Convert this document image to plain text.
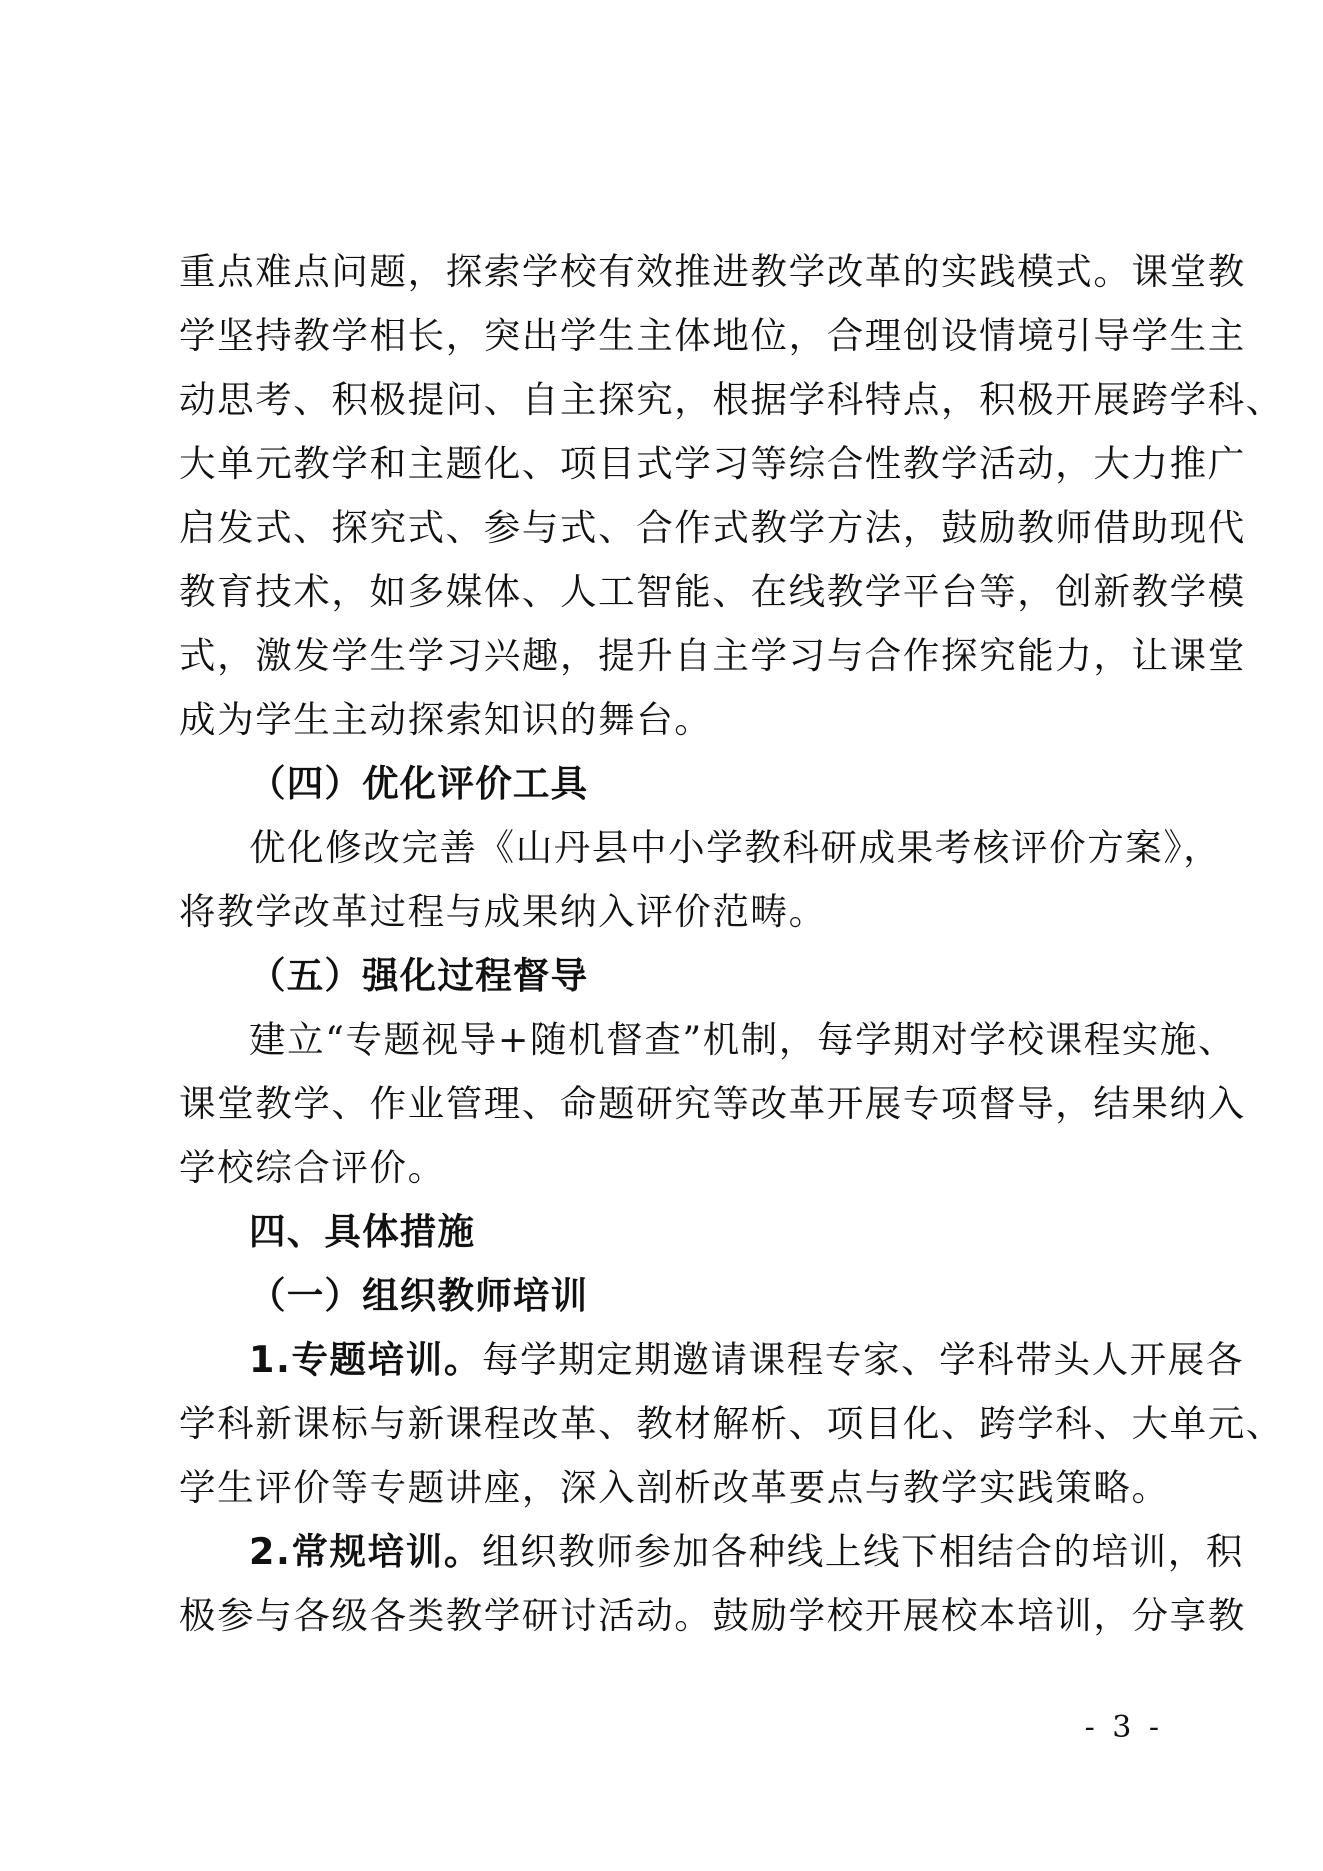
重点难点问题，探索学校有效推进教学改革的实践模式。课堂教
学坚持教学相长，突出学生主体地位，合理创设情境引导学生主
动思考、积极提问、自主探究，根据学科特点，积极开展跨学科、
大单元教学和主题化、项目式学习等综合性教学活动，大力推广
启发式、探究式、参与式、合作式教学方法，鼓励教师借助现代
教育技术，如多媒体、人工智能、在线教学平台等，创新教学模
式，激发学生学习兴趣，提升自主学习与合作探究能力，让课堂
成为学生主动探索知识的舞台。
（四）优化评价工具
优化修改完善《山丹县中小学教科研成果考核评价方案》，
将教学改革过程与成果纳入评价范畴。
（五）强化过程督导
建立“专题视导+随机督查”机制，每学期对学校课程实施、
课堂教学、作业管理、命题研究等改革开展专项督导，结果纳入
学校综合评价。
四、具体措施
（一）组织教师培训
1.专题培训。每学期定期邀请课程专家、学科带头人开展各
学科新课标与新课程改革、教材解析、项目化、跨学科、大单元、
学生评价等专题讲座，深入剖析改革要点与教学实践策略。
2.常规培训。组织教师参加各种线上线下相结合的培训，积
极参与各级各类教学研讨活动。鼓励学校开展校本培训，分享教
- 3 -
